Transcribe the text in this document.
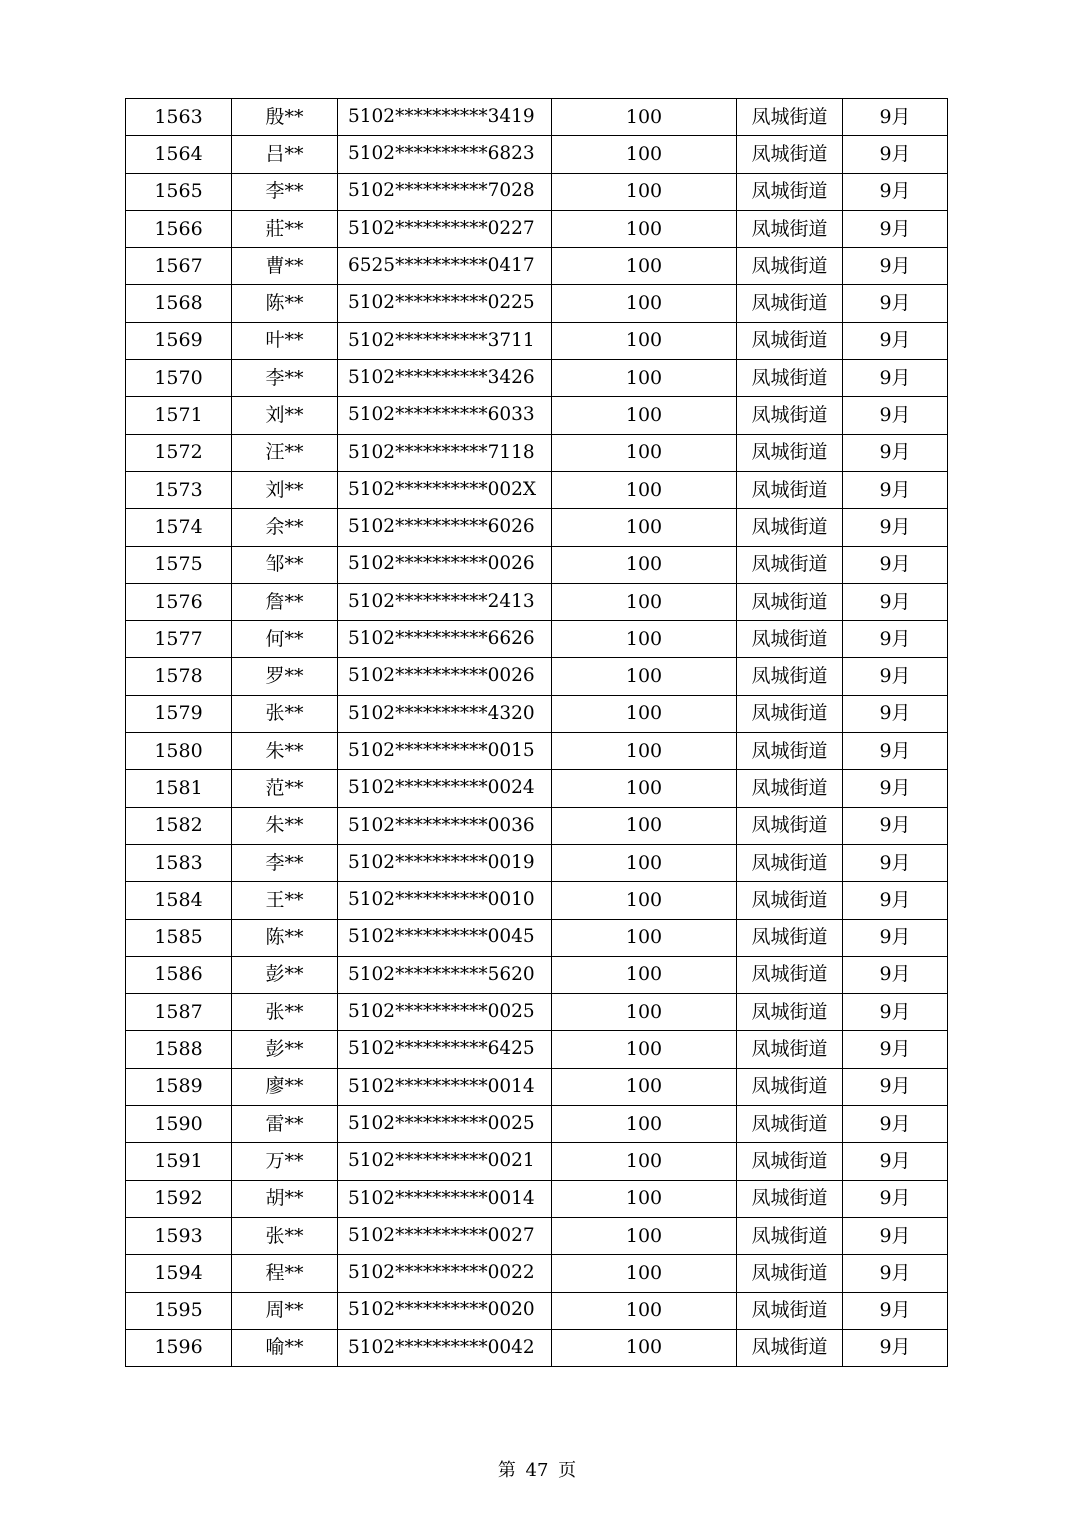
1563	殷**	5102**********3419	100	凤城街道	9月
1564	吕**	5102**********6823	100	凤城街道	9月
1565	李**	5102**********7028	100	凤城街道	9月
1566	莊**	5102**********0227	100	凤城街道	9月
1567	曹**	6525**********0417	100	凤城街道	9月
1568	陈**	5102**********0225	100	凤城街道	9月
1569	叶**	5102**********3711	100	凤城街道	9月
1570	李**	5102**********3426	100	凤城街道	9月
1571	刘**	5102**********6033	100	凤城街道	9月
1572	汪**	5102**********7118	100	凤城街道	9月
1573	刘**	5102**********002X	100	凤城街道	9月
1574	余**	5102**********6026	100	凤城街道	9月
1575	邹**	5102**********0026	100	凤城街道	9月
1576	詹**	5102**********2413	100	凤城街道	9月
1577	何**	5102**********6626	100	凤城街道	9月
1578	罗**	5102**********0026	100	凤城街道	9月
1579	张**	5102**********4320	100	凤城街道	9月
1580	朱**	5102**********0015	100	凤城街道	9月
1581	范**	5102**********0024	100	凤城街道	9月
1582	朱**	5102**********0036	100	凤城街道	9月
1583	李**	5102**********0019	100	凤城街道	9月
1584	王**	5102**********0010	100	凤城街道	9月
1585	陈**	5102**********0045	100	凤城街道	9月
1586	彭**	5102**********5620	100	凤城街道	9月
1587	张**	5102**********0025	100	凤城街道	9月
1588	彭**	5102**********6425	100	凤城街道	9月
1589	廖**	5102**********0014	100	凤城街道	9月
1590	雷**	5102**********0025	100	凤城街道	9月
1591	万**	5102**********0021	100	凤城街道	9月
1592	胡**	5102**********0014	100	凤城街道	9月
1593	张**	5102**********0027	100	凤城街道	9月
1594	程**	5102**********0022	100	凤城街道	9月
1595	周**	5102**********0020	100	凤城街道	9月
1596	喻**	5102**********0042	100	凤城街道	9月
第 47 页
